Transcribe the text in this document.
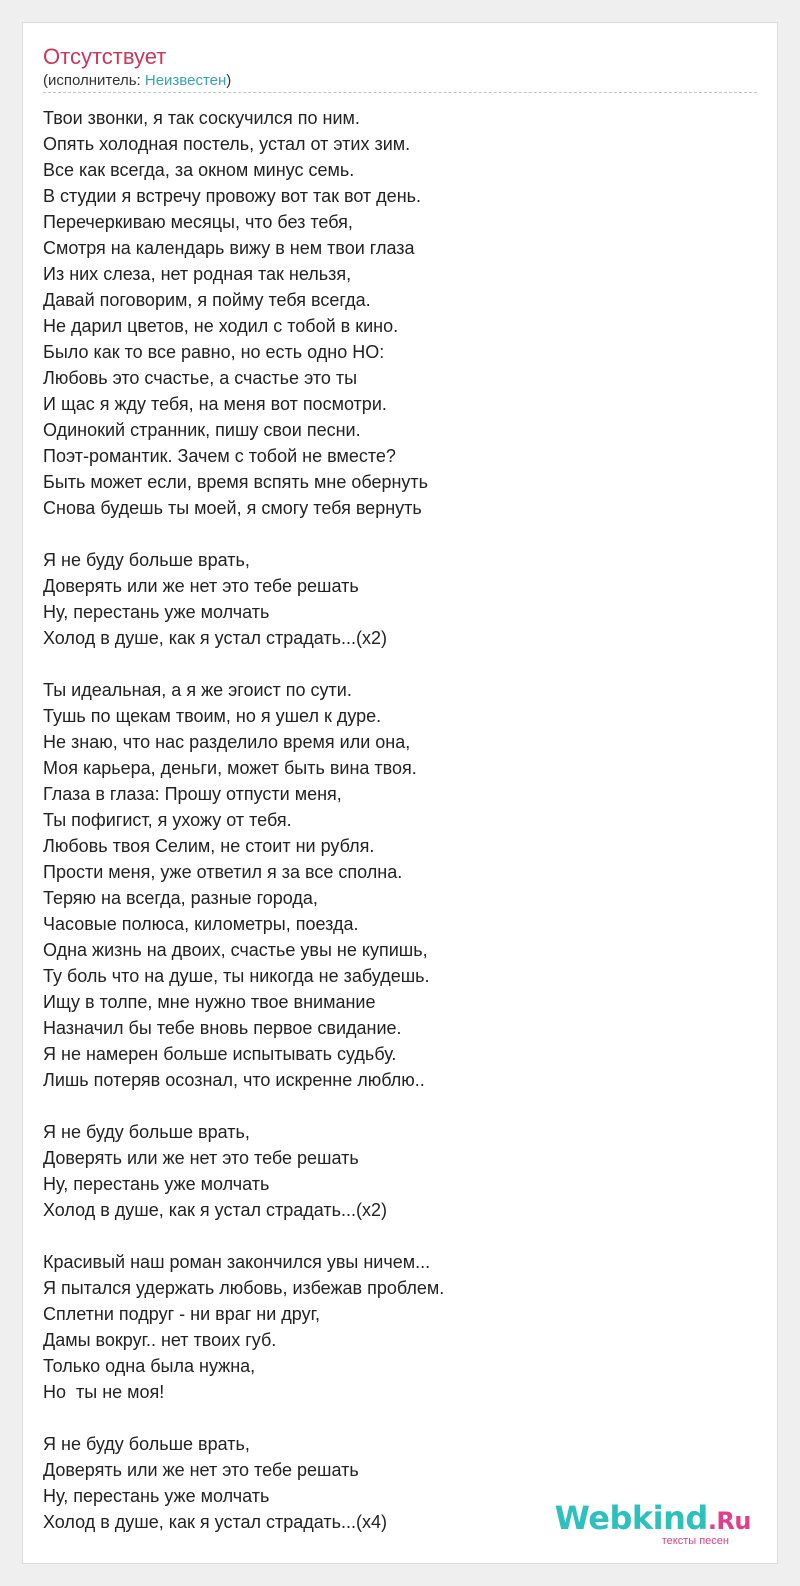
Отсутствует
(исполнитель: Неизвестен)
Твои звонки, я так соскучился по ним.
Опять холодная постель, устал от этих зим.
Все как всегда, за окном минус семь.
В студии я встречу провожу вот так вот день.
Перечеркиваю месяцы, что без тебя,
Смотря на календарь вижу в нем твои глаза
Из них слеза, нет родная так нельзя,
Давай поговорим, я пойму тебя всегда.
Не дарил цветов, не ходил с тобой в кино.
Было как то все равно, но есть одно НО:
Любовь это счастье, а счастье это ты
И щас я жду тебя, на меня вот посмотри.
Одинокий странник, пишу свои песни.
Поэт-романтик. Зачем с тобой не вместе?
Быть может если, время вспять мне обернуть
Снова будешь ты моей, я смогу тебя вернуть
Я не буду больше врать,
Доверять или же нет это тебе решать
Ну, перестань уже молчать
Холод в душе, как я устал страдать...(х2)
Ты идеальная, а я же эгоист по сути.
Тушь по щекам твоим, но я ушел к дуре.
Не знаю, что нас разделило время или она,
Моя карьера, деньги, может быть вина твоя.
Глаза в глаза: Прошу отпусти меня,
Ты пофигист, я ухожу от тебя.
Любовь твоя Селим, не стоит ни рубля.
Прости меня, уже ответил я за все сполна.
Теряю на всегда, разные города,
Часовые полюса, километры, поезда.
Одна жизнь на двоих, счастье увы не купишь,
Ту боль что на душе, ты никогда не забудешь.
Ищу в толпе, мне нужно твое внимание
Назначил бы тебе вновь первое свидание.
Я не намерен больше испытывать судьбу.
Лишь потеряв осознал, что искренне люблю..
Я не буду больше врать,
Доверять или же нет это тебе решать
Ну, перестань уже молчать
Холод в душе, как я устал страдать...(х2)
Красивый наш роман закончился увы ничем...
Я пытался удержать любовь, избежав проблем.
Сплетни подруг - ни враг ни друг,
Дамы вокруг.. нет твоих губ.
Только одна была нужна,
Но  ты не моя!
Я не буду больше врать,
Доверять или же нет это тебе решать
Ну, перестань уже молчать
Холод в душе, как я устал страдать...(х4)	Webkind.Ru
тексты песен
